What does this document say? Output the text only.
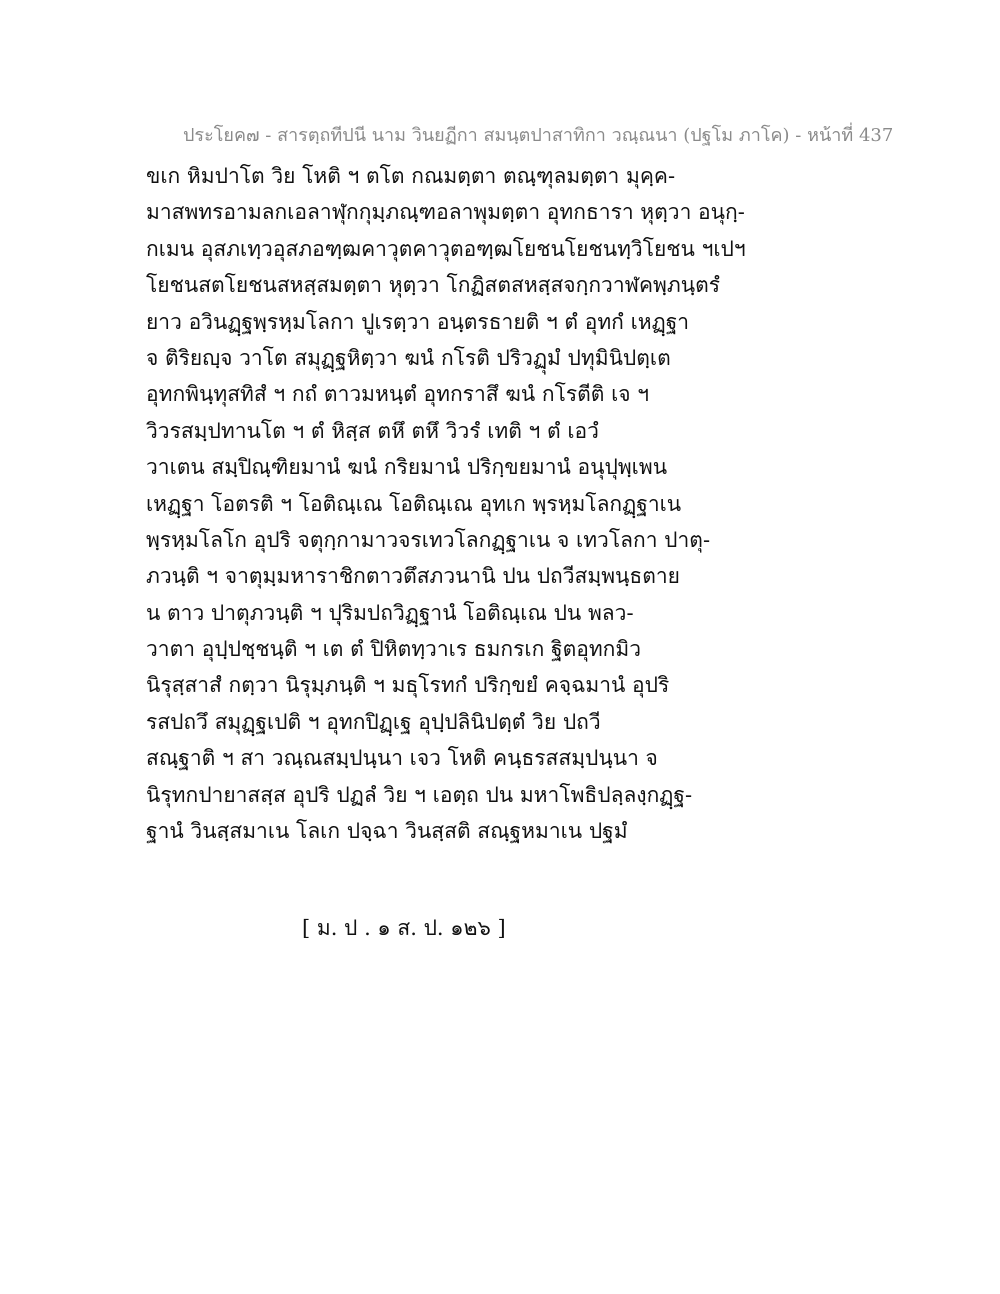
ประโยค๗ - สารตฺถทีปนี นาม วินยฏีกา สมนฺตปาสาทิกา วณฺณนา (ปฐโม ภาโค) - หน้าที่ 437
ขเก หิมปาโต วิย โหติ ฯ ตโต กณมตฺตา ตณฺฑุลมตฺตา มุคฺค-
มาสพทรอามลกเอลาฬุกกุมฺภณฺฑอลาพุมตฺตา อุทกธารา หุตฺวา อนุกฺ-
กเมน อุสภเทฺวอุสภอฑฺฒคาวุตคาวุตอฑฺฒโยชนโยชนทฺวิโยชน ฯเปฯ
โยชนสตโยชนสหสฺสมตฺตา หุตฺวา โกฏิสตสหสฺสจกฺกวาฬคพฺภนฺตรํ
ยาว อวินฏฺฐพฺรหฺมโลกา ปูเรตฺวา อนฺตรธายติ ฯ ตํ อุทกํ เหฏฺฐา
จ ติริยญฺจ วาโต สมุฏฺฐหิตฺวา ฆนํ กโรติ ปริวฏุมํ ปทุมินิปตฺเต
อุทกพินฺทุสทิสํ ฯ กถํ ตาวมหนฺตํ อุทกราสึ ฆนํ กโรตีติ เจ ฯ
วิวรสมฺปทานโต ฯ ตํ หิสฺส ตหึ ตหึ วิวรํ เทติ ฯ ตํ เอวํ
วาเตน สมฺปิณฺฑิยมานํ ฆนํ กริยมานํ ปริกฺขยมานํ อนุปุพฺเพน
เหฏฺฐา โอตรติ ฯ โอติณฺเณ โอติณฺเณ อุทเก พฺรหฺมโลกฏฺฐาเน
พฺรหฺมโลโก อุปริ จตุกฺกามาวจรเทวโลกฏฺฐาเน จ เทวโลกา ปาตุ-
ภวนฺติ ฯ จาตุมฺมหาราชิกตาวตึสภวนานิ ปน ปถวีสมฺพนฺธตาย
น ตาว ปาตุภวนฺติ ฯ ปุริมปถวิฏฺฐานํ โอติณฺเณ ปน พลว-
วาตา อุปฺปชฺชนฺติ ฯ เต ตํ ปิหิตทฺวาเร ธมกรเก ฐิตอุทกมิว
นิรุสฺสาสํ กตฺวา นิรุมฺภนฺติ ฯ มธุโรทกํ ปริกฺขยํ คจฺฉมานํ อุปริ
รสปถวึ สมุฏฺฐเปติ ฯ อุทกปิฏฺเฐ อุปฺปลินิปตฺตํ วิย ปถวี
สณฺฐาติ ฯ สา วณฺณสมฺปนฺนา เจว โหติ คนฺธรสสมฺปนฺนา จ
นิรุทกปายาสสฺส อุปริ ปฏลํ วิย ฯ เอตฺถ ปน มหาโพธิปลฺลงฺกฏฺฐ-
ฐานํ วินสฺสมาเน โลเก ปจฺฉา วินสฺสติ สณฺฐหมาเน ปฐมํ
[ ม. ป . ๑ ส. ป. ๑๒๖ ]
